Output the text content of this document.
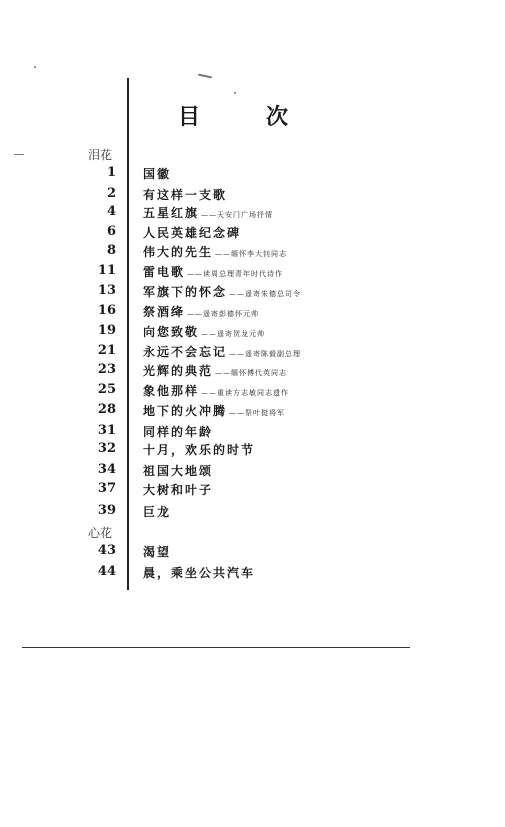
目　次
泪花
心花
1 国徽
2 有这样一支歌
4 五星红旗 ——天安门广场抒情
6 人民英雄纪念碑
8 伟大的先生 ——缅怀李大钊同志
11 雷电歌 ——读周总理青年时代诗作
13 军旗下的怀念 ——遥寄朱德总司令
16 祭酒绛 ——遥寄彭德怀元帅
19 向您致敬 ——遥寄贺龙元帅
21 永远不会忘记 ——遥寄陈毅副总理
23 光辉的典范 ——缅怀傅代英同志
25 象他那样 ——重读方志敏同志遗作
28 地下的火冲腾 ——祭叶挺将军
31 同样的年龄
32 十月，欢乐的时节
34 祖国大地颂
37 大树和叶子
39 巨龙
43 渴望
44 晨，乘坐公共汽车
